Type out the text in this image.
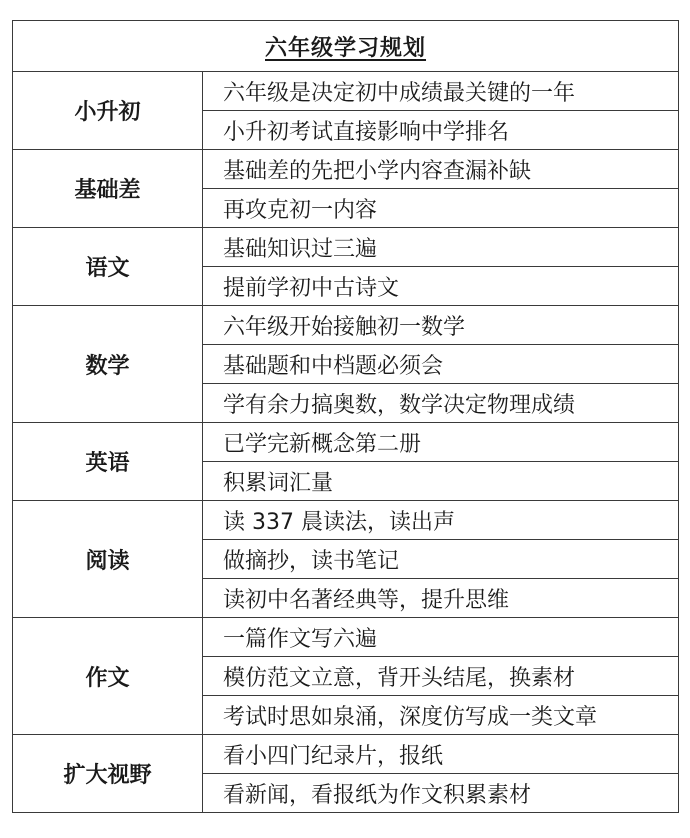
六年级学习规划	
小升初	六年级是决定初中成绩最关键的一年
	小升初考试直接影响中学排名
基础差	基础差的先把小学内容查漏补缺
	再攻克初一内容
语文	基础知识过三遍
	提前学初中古诗文
数学	六年级开始接触初一数学
	基础题和中档题必须会
	学有余力搞奥数，数学决定物理成绩
英语	已学完新概念第二册
	积累词汇量
阅读	读 337 晨读法，读出声
	做摘抄，读书笔记
	读初中名著经典等，提升思维
作文	一篇作文写六遍
	模仿范文立意，背开头结尾，换素材
	考试时思如泉涌，深度仿写成一类文章
扩大视野	看小四门纪录片，报纸
	看新闻，看报纸为作文积累素材
